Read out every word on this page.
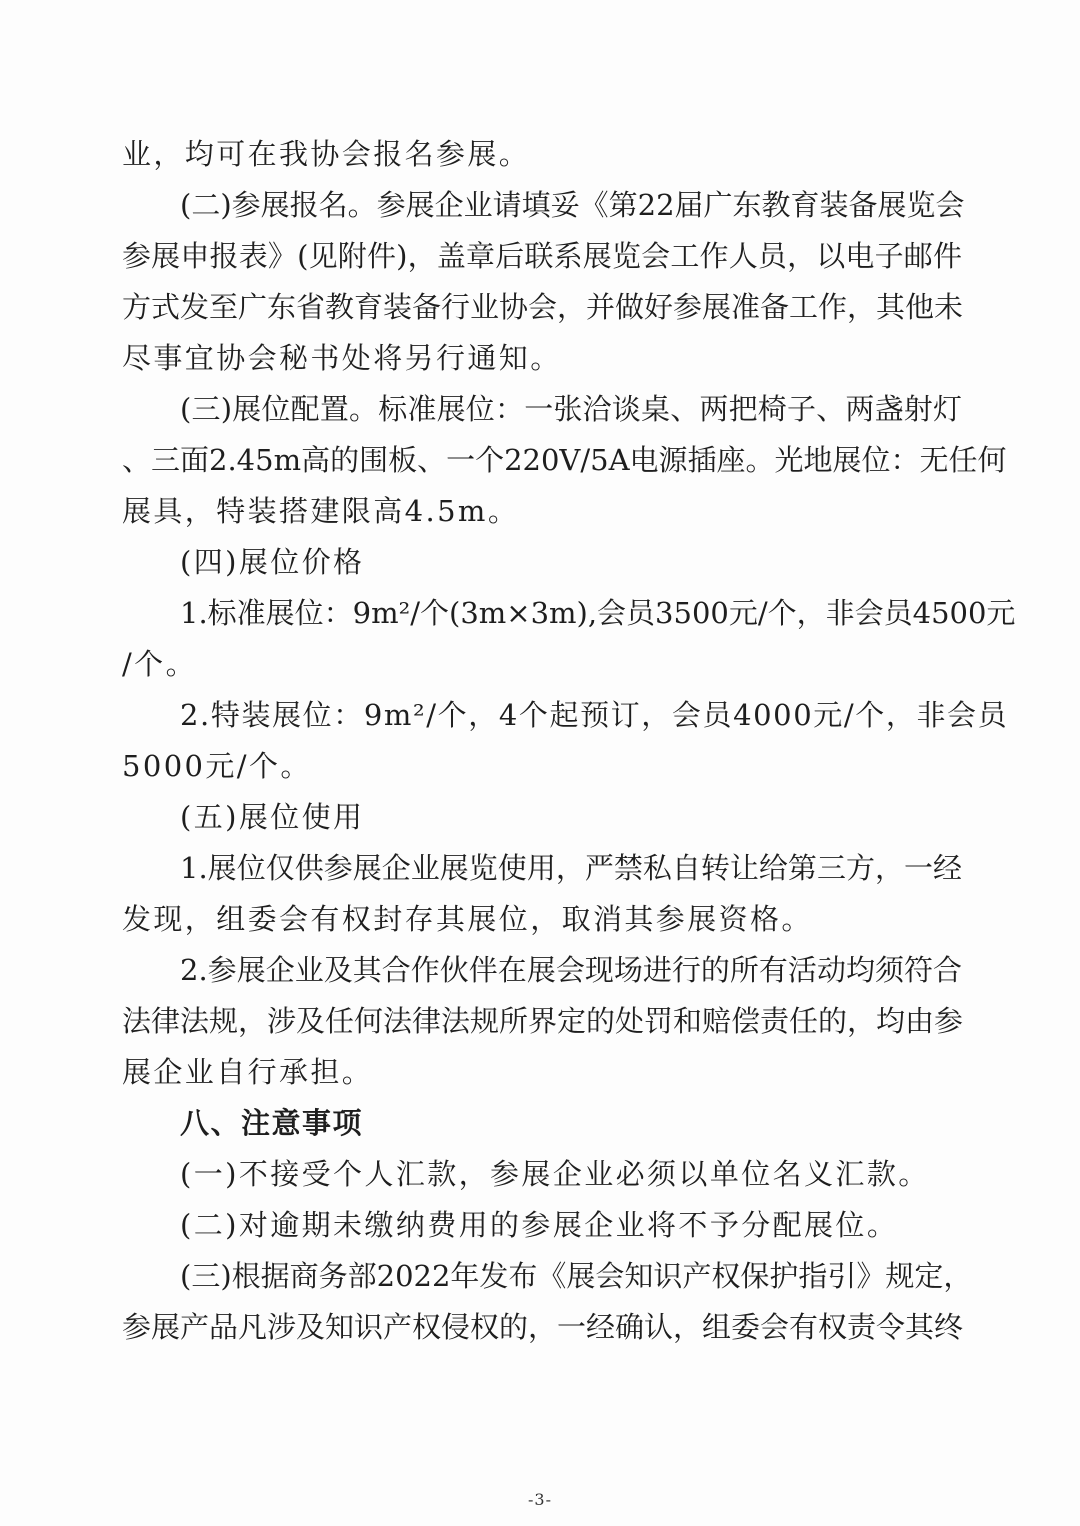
业，均可在我协会报名参展。
(二)参展报名。参展企业请填妥《第22届广东教育装备展览会
参展申报表》(见附件)，盖章后联系展览会工作人员，以电子邮件
方式发至广东省教育装备行业协会，并做好参展准备工作，其他未
尽事宜协会秘书处将另行通知。
(三)展位配置。标准展位：一张洽谈桌、两把椅子、两盏射灯
、三面2.45m高的围板、一个220V/5A电源插座。光地展位：无任何
展具，特装搭建限高4.5m。
(四)展位价格
1.标准展位：9m²/个(3m×3m),会员3500元/个，非会员4500元
/个。
2.特装展位：9m²/个，4个起预订，会员4000元/个，非会员
5000元/个。
(五)展位使用
1.展位仅供参展企业展览使用，严禁私自转让给第三方，一经
发现，组委会有权封存其展位，取消其参展资格。
2.参展企业及其合作伙伴在展会现场进行的所有活动均须符合
法律法规，涉及任何法律法规所界定的处罚和赔偿责任的，均由参
展企业自行承担。
八、注意事项
(一)不接受个人汇款，参展企业必须以单位名义汇款。
(二)对逾期未缴纳费用的参展企业将不予分配展位。
(三)根据商务部2022年发布《展会知识产权保护指引》规定，
参展产品凡涉及知识产权侵权的，一经确认，组委会有权责令其终
-3-
